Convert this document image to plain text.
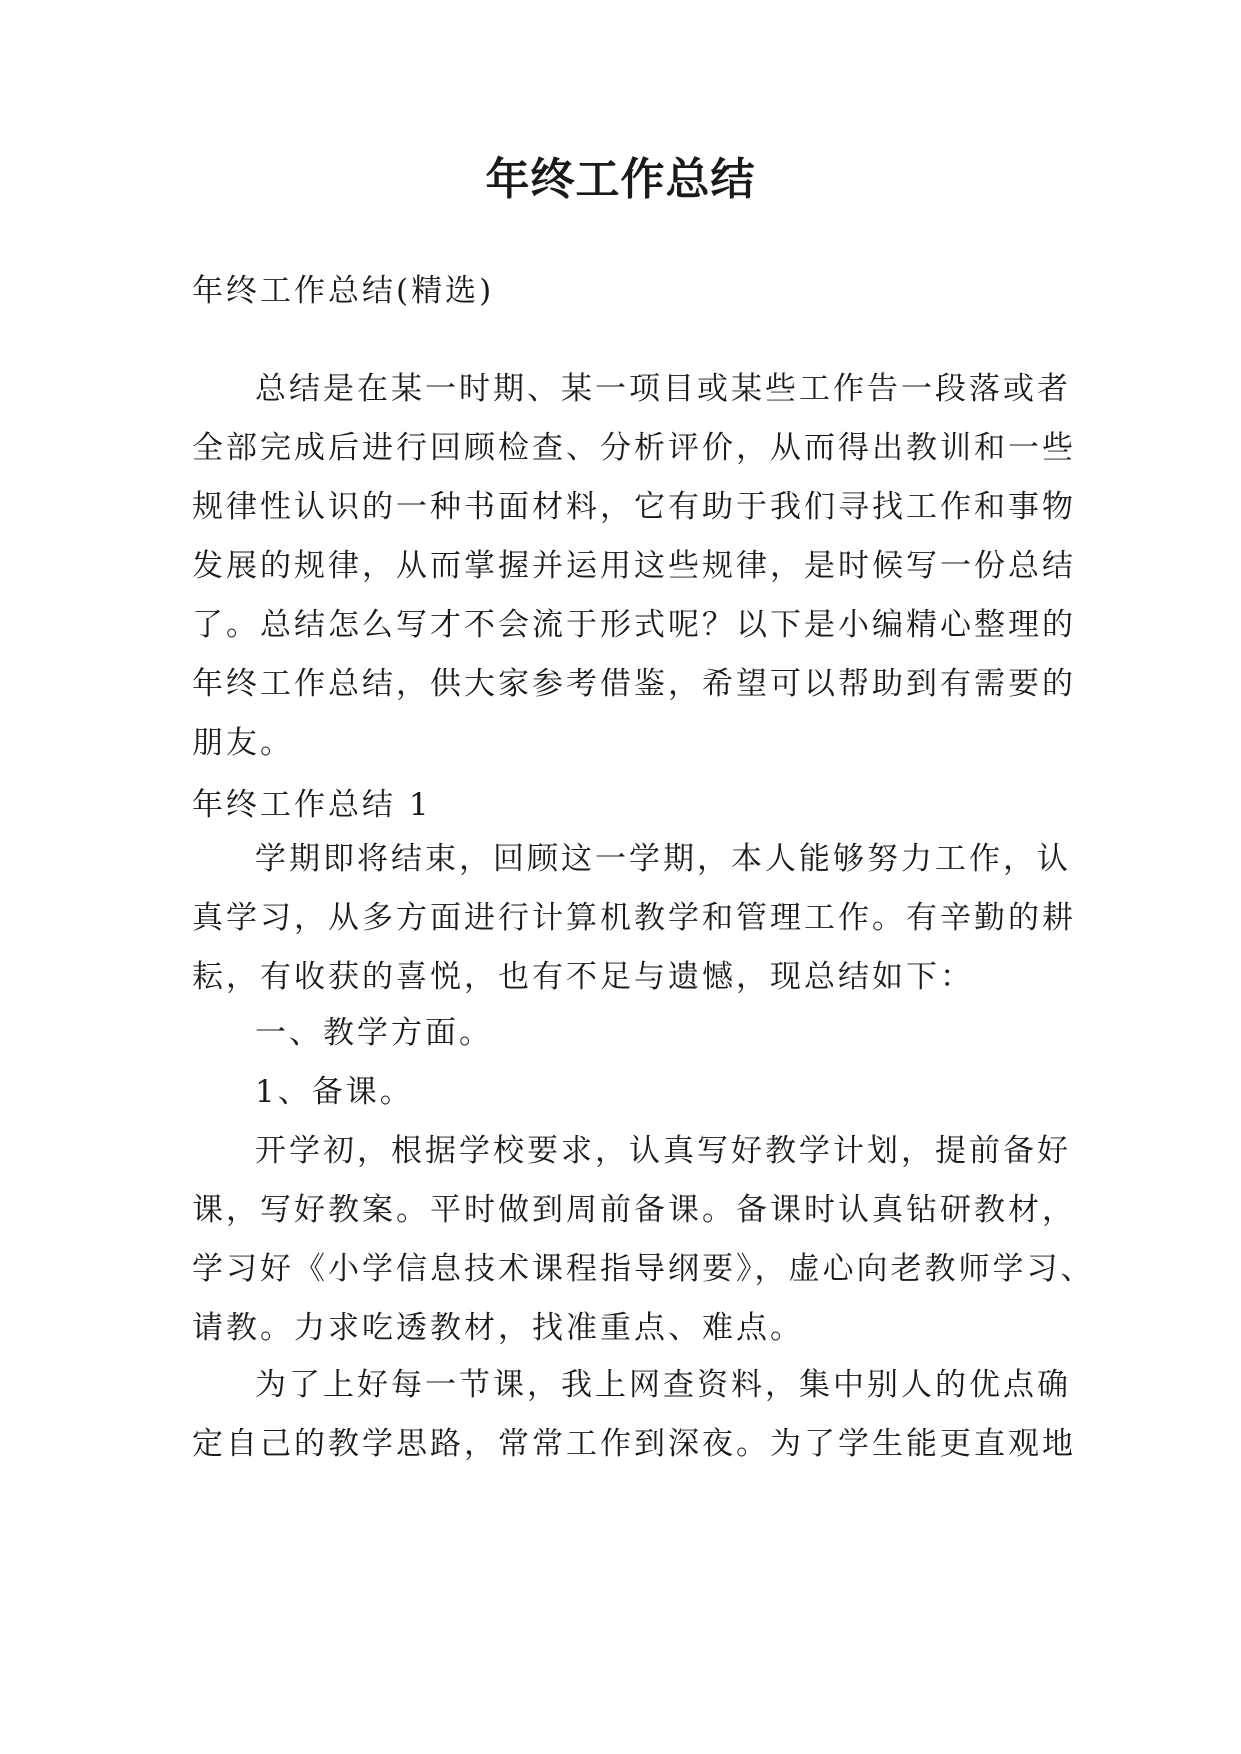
年终工作总结

年终工作总结(精选)

总结是在某一时期、某一项目或某些工作告一段落或者
全部完成后进行回顾检查、分析评价，从而得出教训和一些
规律性认识的一种书面材料，它有助于我们寻找工作和事物
发展的规律，从而掌握并运用这些规律，是时候写一份总结
了。总结怎么写才不会流于形式呢？以下是小编精心整理的
年终工作总结，供大家参考借鉴，希望可以帮助到有需要的
朋友。

年终工作总结 1

学期即将结束，回顾这一学期，本人能够努力工作，认
真学习，从多方面进行计算机教学和管理工作。有辛勤的耕
耘，有收获的喜悦，也有不足与遗憾，现总结如下：

一、教学方面。

1、备课。

开学初，根据学校要求，认真写好教学计划，提前备好
课，写好教案。平时做到周前备课。备课时认真钻研教材，
学习好《小学信息技术课程指导纲要》，虚心向老教师学习、
请教。力求吃透教材，找准重点、难点。
为了上好每一节课，我上网查资料，集中别人的优点确
定自己的教学思路，常常工作到深夜。为了学生能更直观地
